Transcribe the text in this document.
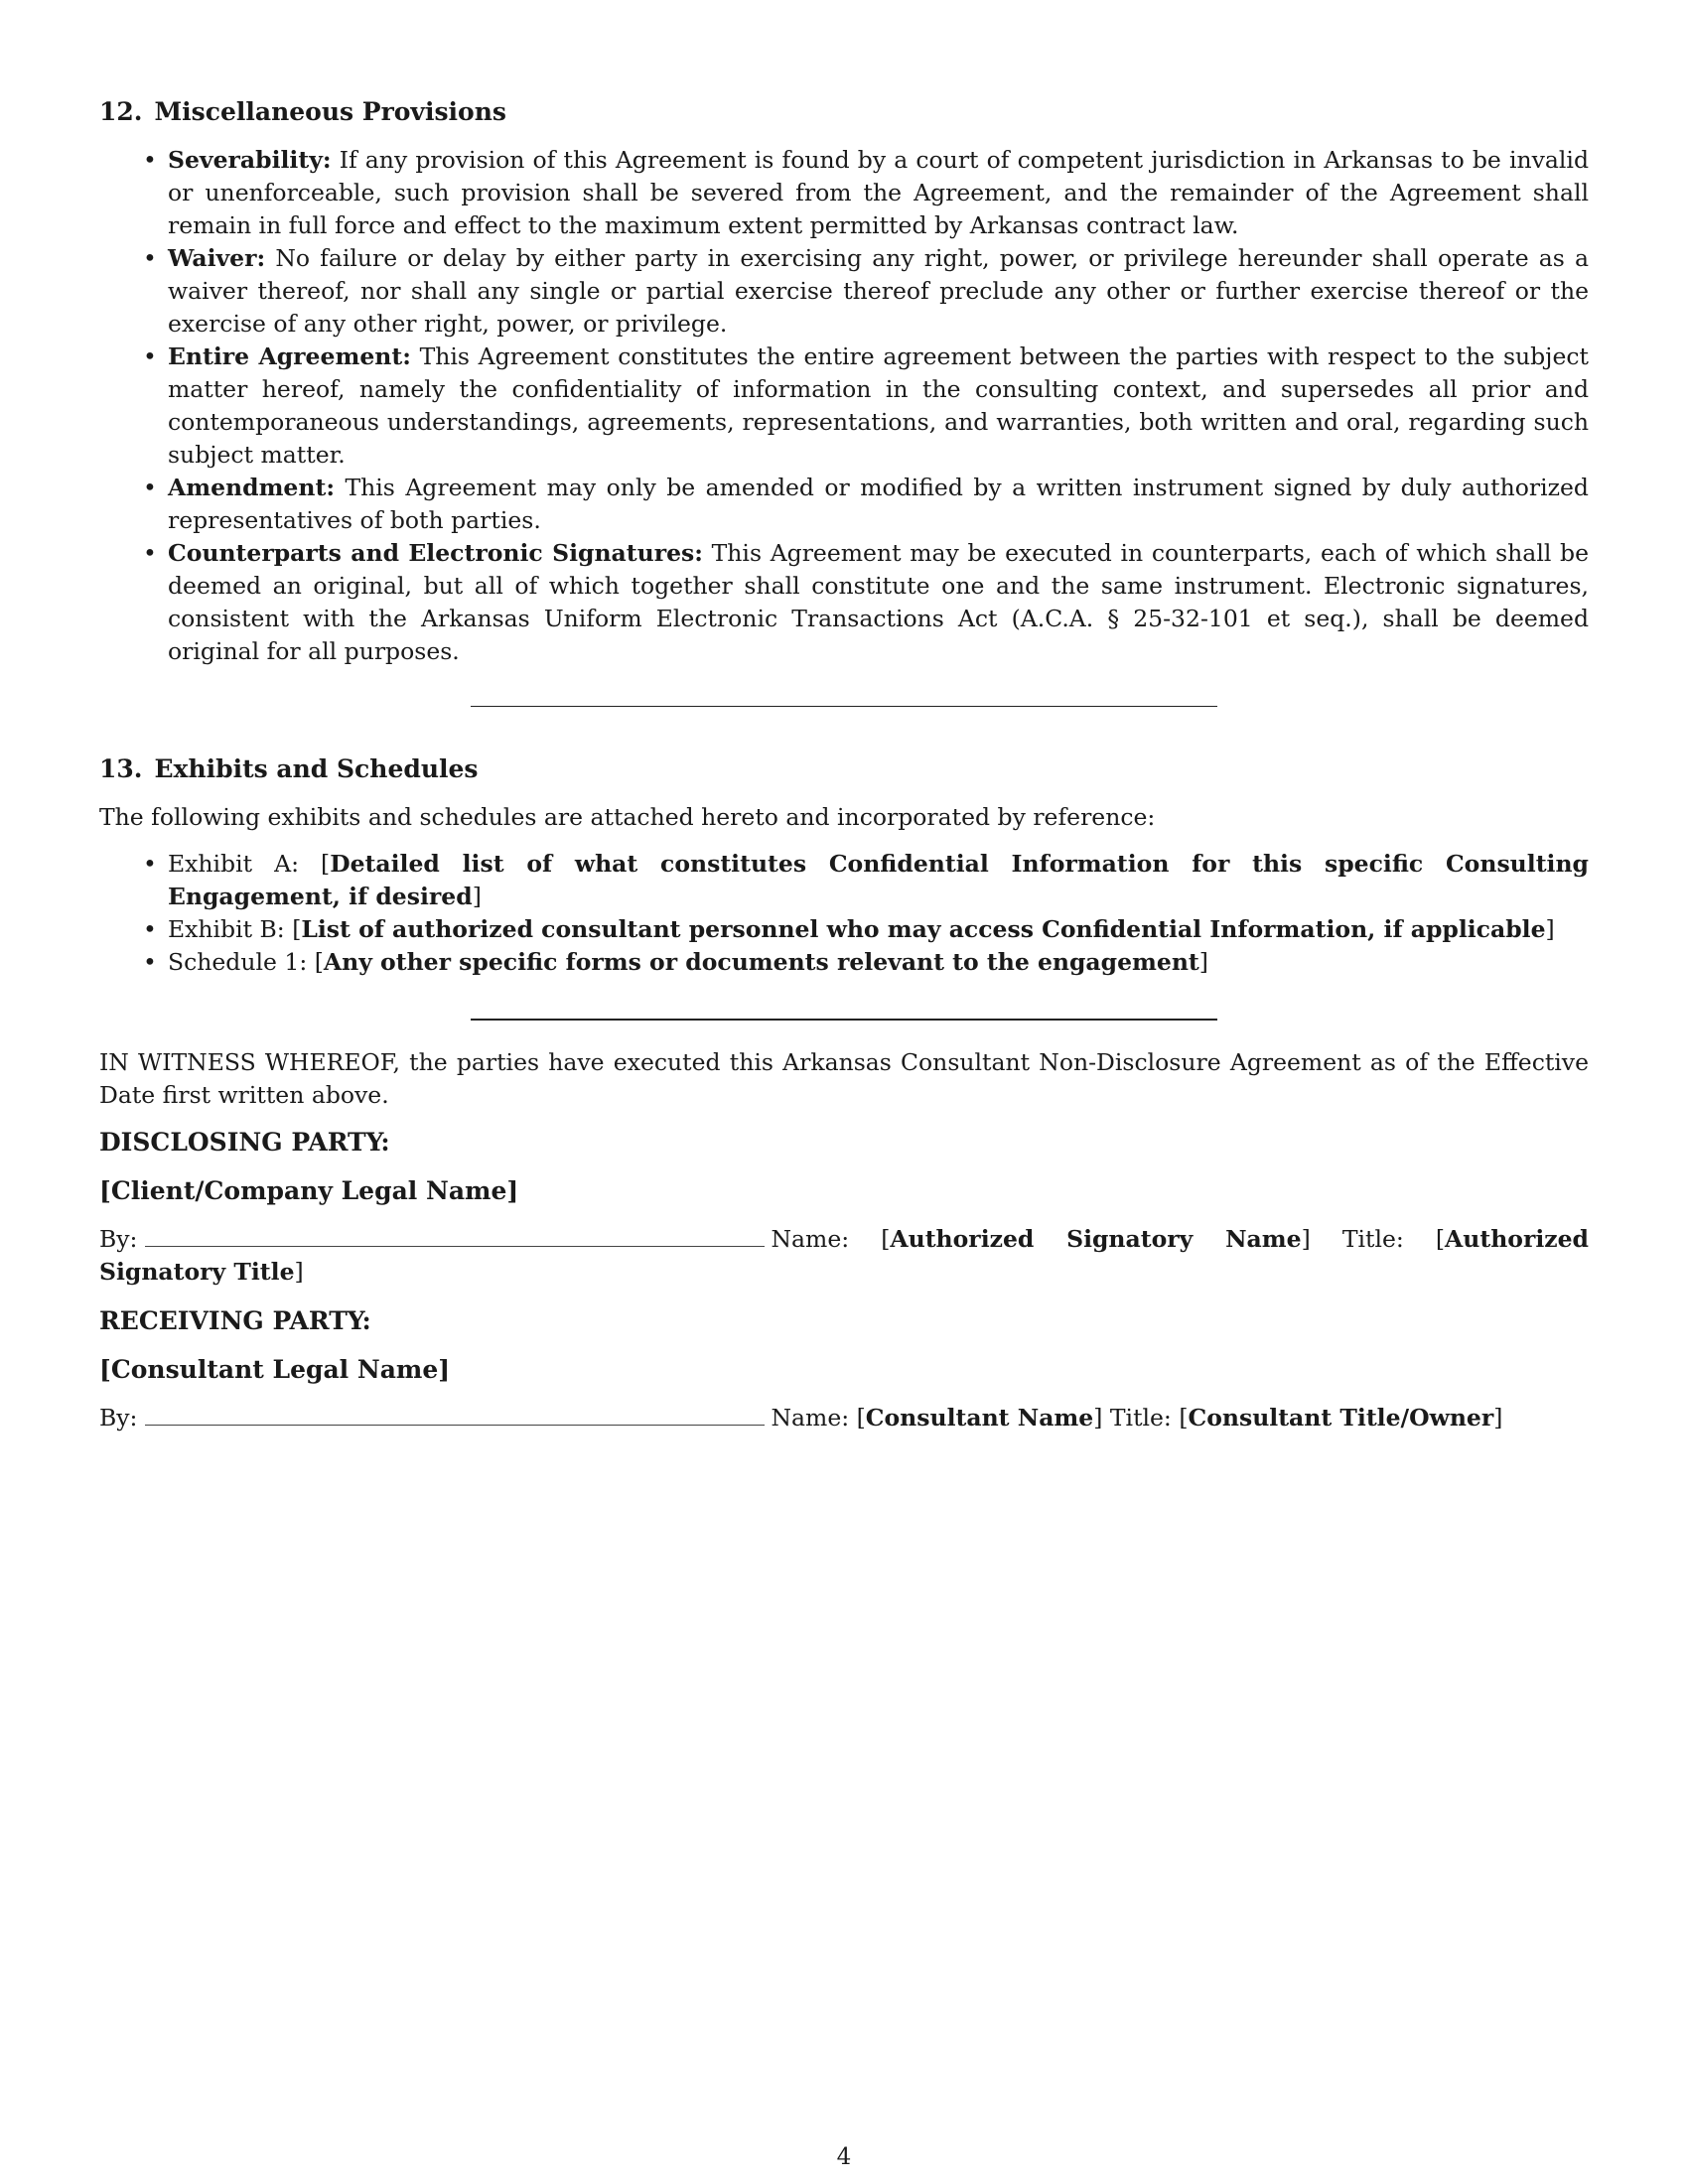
12. Miscellaneous Provisions
• Severability: If any provision of this Agreement is found by a court of competent jurisdiction in Arkansas to be invalid or unenforceable, such provision shall be severed from the Agreement, and the remainder of the Agreement shall remain in full force and effect to the maximum extent permitted by Arkansas contract law.
• Waiver: No failure or delay by either party in exercising any right, power, or privilege hereunder shall operate as a waiver thereof, nor shall any single or partial exercise thereof preclude any other or further exercise thereof or the exercise of any other right, power, or privilege.
• Entire Agreement: This Agreement constitutes the entire agreement between the parties with respect to the subject matter hereof, namely the confidentiality of information in the consulting context, and supersedes all prior and contemporaneous understandings, agreements, representations, and warranties, both written and oral, regarding such subject matter.
• Amendment: This Agreement may only be amended or modified by a written instrument signed by duly authorized representatives of both parties.
• Counterparts and Electronic Signatures: This Agreement may be executed in counterparts, each of which shall be deemed an original, but all of which together shall constitute one and the same instrument. Electronic signatures, consistent with the Arkansas Uniform Electronic Transactions Act (A.C.A. § 25-32-101 et seq.), shall be deemed original for all purposes.
13. Exhibits and Schedules

The following exhibits and schedules are attached hereto and incorporated by reference:

• Exhibit A: [Detailed list of what constitutes Confidential Information for this specific Consulting Engagement, if desired]
• Exhibit B: [List of authorized consultant personnel who may access Confidential Information, if applicable]
• Schedule 1: [Any other specific forms or documents relevant to the engagement]

IN WITNESS WHEREOF, the parties have executed this Arkansas Consultant Non-Disclosure Agreement as of the Effective Date first written above.

DISCLOSING PARTY:

[Client/Company Legal Name]

By:	Name: [Authorized Signatory Name] Title: [Authorized Signatory Title]

RECEIVING PARTY:

[Consultant Legal Name]

By:	Name: [Consultant Name] Title: [Consultant Title/Owner]

4
